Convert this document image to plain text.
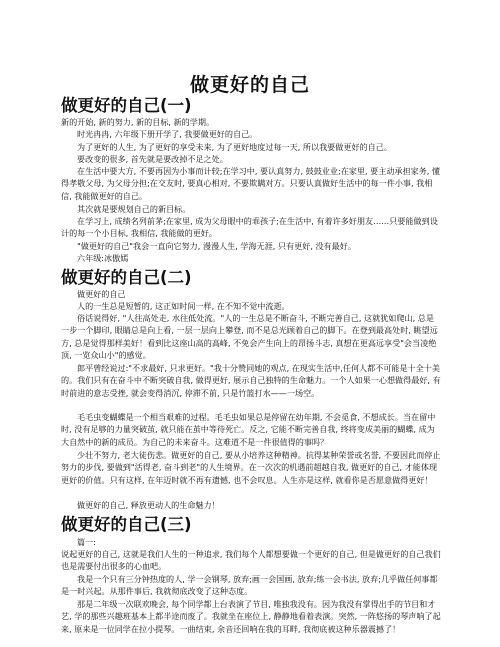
做更好的自己
做更好的自己(一)

新的开始, 新的努力, 新的目标, 新的学期。

时光冉冉, 六年级下册开学了, 我要做更好的自己。

为了更好的人生, 为了更好的享受未来, 为了更好地度过每一天, 所以我要做更好的自己。

要改变的很多, 首先就是要改掉不足之处。

在生活中要大方, 不要再因为小事而计较;在学习中, 要认真努力, 鼓鼓业业;在家里, 要主动承担家务, 懂得孝敬父母, 为父母分担;在交友时, 要真心相对, 不要欺瞒对方。只要认真做好生活中的每一件小事, 我相信, 我能做更好的自己。

其次就是要规划自己的新目标。

在学习上, 成绩名列前茅;在家里, 成为父母眼中的乖孩子;在生活中, 有着许多好朋友……只要能做到设计的每一个小目标, 我相信, 我能做的更好。

"做更好的自己"我会一直向它努力, 漫漫人生, 学海无涯, 只有更好, 没有最好。

六年级:冰傲嫣

做更好的自己(二)

做更好的自己

人的一生总是短暂的, 这正如时间一样, 在不知不觉中流逝。

俗话说得好, "人往高处走, 水往低处流。"人的一生总是不断奋斗, 不断完善自己, 这就犹如爬山, 总是一步一个脚印, 眼睛总是向上看, 一层一层向上攀登, 而不是总光顾着自己的脚下。在登到最高处时, 眺望远方, 总是觉得那样美好！看到比这座山高的高峰, 不免会产生向上的昂扬斗志, 真想在更高远享受"会当凌绝顶, 一览众山小"的感觉。

郎平曾经说过:"不求最好, 只求更好。"我十分赞同她的观点, 在现实生活中,任何人都不可能是十全十美的。我们只有在奋斗中不断突破自我, 做得更好, 展示自己独特的生命魅力。一个人如果一心想做得最好, 有时前进的意志受挫, 就会变得消沉, 停滞不前, 只是竹篮打水——一场空。

毛毛虫变蝴蝶是一个相当艰难的过程。毛毛虫如果总是停留在幼年期, 不会觅食, 不想成长。当在留中时, 没有足够的力量突破茧, 就只能在茧中等待死亡。反之, 它能不断完善自我, 终将变成美丽的蝴蝶, 成为大自然中的新的成员。为自己的未来奋斗。这难道不是一件很值得的事吗？

少壮不努力, 老大徒伤悲。做更好的自己, 要从小培养这种精神。抗得某种荣誉或名誉, 不要因此而停止努力的步伐, 要做到"活得老, 奋斗到老"的人生境界。在一次次的机遇前超越自我, 做更好的自己, 才能体现更好的价值。只有这样, 在年迈时就不再有遗憾, 也不会叹息。人生亦是这样, 就看你是否愿意做得更好！

做更好的自己, 释放更动人的生命魅力！

做更好的自己(三)

篇一:

说起更好的自己, 这就是我们人生的一种追求, 我们每个人都想要做一个更好的自己, 但是做更好的自己我们也是需要付出很多的心血吧。

我是一个只有三分钟热度的人, 学一会钢琴, 放弃;画一会国画, 放弃;练一会书法, 放弃;几乎做任何事都是一时兴起。从那件事后, 我就彻底改变了这种态度。

那是二年级一次联欢晚会, 每个同学都上台表演了节目, 唯独我没有。因为我没有掌得出手的节目和才艺, 学的那些兴趣班基本上都半途而废了。我就坐在座位上, 静静地看着表演。突然, 一阵悠扬的琴声响了起来, 原来是一位同学在拉小提琴。一曲结束, 余音还回响在我的耳畔, 我彻底被这种乐器震撼了！
